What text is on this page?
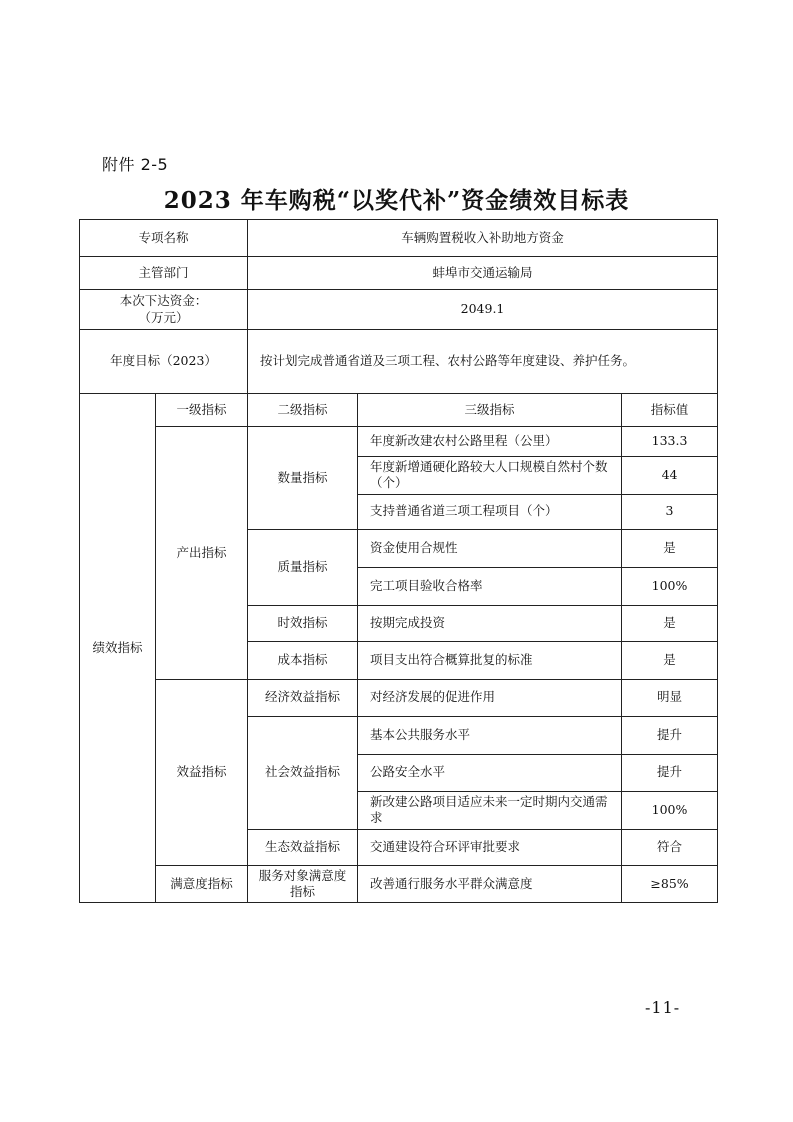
附件 2-5
2023 年车购税“以奖代补”资金绩效目标表
专项名称		车辆购置税收入补助地方资金		
主管部门		蚌埠市交通运输局		

本次下达资金：
（万元）		2049.1		
年度目标（2023）		按计划完成普通省道及三项工程、农村公路等年度建设、养护任务。		
绩效指标	一级指标	二级指标	三级指标	指标值
	产出指标	数量指标	年度新改建农村公路里程（公里）	133.3
			年度新增通硬化路较大人口规模自然村个数（个）	44
			支持普通省道三项工程项目（个）	3
		质量指标	资金使用合规性	是
			完工项目验收合格率	100%
		时效指标	按期完成投资	是
		成本指标	项目支出符合概算批复的标准	是
	效益指标	经济效益指标	对经济发展的促进作用	明显
		社会效益指标	基本公共服务水平	提升
			公路安全水平	提升
			新改建公路项目适应未来一定时期内交通需求	100%
		生态效益指标	交通建设符合环评审批要求	符合
	满意度指标	服务对象满意度指标	改善通行服务水平群众满意度	≥85%
-11-
